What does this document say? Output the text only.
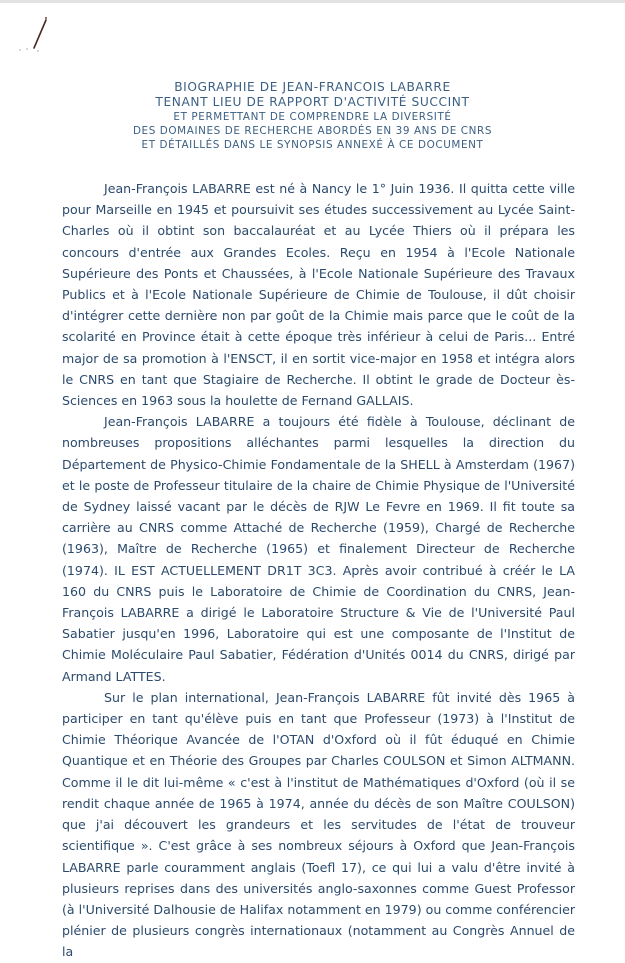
BIOGRAPHIE DE JEAN-FRANCOIS LABARRE
TENANT LIEU DE RAPPORT D'ACTIVITÉ SUCCINT
ET PERMETTANT DE COMPRENDRE LA DIVERSITÉ
DES DOMAINES DE RECHERCHE ABORDÉS EN 39 ANS DE CNRS
ET DÉTAILLÉS DANS LE SYNOPSIS ANNEXÉ À CE DOCUMENT

Jean-François LABARRE est né à Nancy le 1° Juin 1936. Il quitta cette ville pour Marseille en 1945 et poursuivit ses études successivement au Lycée Saint-Charles où il obtint son baccalauréat et au Lycée Thiers où il prépara les concours d'entrée aux Grandes Ecoles. Reçu en 1954 à l'Ecole Nationale Supérieure des Ponts et Chaussées, à l'Ecole Nationale Supérieure des Travaux Publics et à l'Ecole Nationale Supérieure de Chimie de Toulouse, il dût choisir d'intégrer cette dernière non par goût de la Chimie mais parce que le coût de la scolarité en Province était à cette époque très inférieur à celui de Paris... Entré major de sa promotion à l'ENSCT, il en sortit vice-major en 1958 et intégra alors le CNRS en tant que Stagiaire de Recherche. Il obtint le grade de Docteur ès-Sciences en 1963 sous la houlette de Fernand GALLAIS.

Jean-François LABARRE a toujours été fidèle à Toulouse, déclinant de nombreuses propositions alléchantes parmi lesquelles la direction du Département de Physico-Chimie Fondamentale de la SHELL à Amsterdam (1967) et le poste de Professeur titulaire de la chaire de Chimie Physique de l'Université de Sydney laissé vacant par le décès de RJW Le Fevre en 1969. Il fit toute sa carrière au CNRS comme Attaché de Recherche (1959), Chargé de Recherche (1963), Maître de Recherche (1965) et finalement Directeur de Recherche (1974). IL EST ACTUELLEMENT DR1T 3C3. Après avoir contribué à créér le LA 160 du CNRS puis le Laboratoire de Chimie de Coordination du CNRS, Jean-François LABARRE a dirigé le Laboratoire Structure & Vie de l'Université Paul Sabatier jusqu'en 1996, Laboratoire qui est une composante de l'Institut de Chimie Moléculaire Paul Sabatier, Fédération d'Unités 0014 du CNRS, dirigé par Armand LATTES.

Sur le plan international, Jean-François LABARRE fût invité dès 1965 à participer en tant qu'élève puis en tant que Professeur (1973) à l'Institut de Chimie Théorique Avancée de l'OTAN d'Oxford où il fût éduqué en Chimie Quantique et en Théorie des Groupes par Charles COULSON et Simon ALTMANN. Comme il le dit lui-même « c'est à l'institut de Mathématiques d'Oxford (où il se rendit chaque année de 1965 à 1974, année du décès de son Maître COULSON) que j'ai découvert les grandeurs et les servitudes de l'état de trouveur scientifique ». C'est grâce à ses nombreux séjours à Oxford que Jean-François LABARRE parle couramment anglais (Toefl 17), ce qui lui a valu d'être invité à plusieurs reprises dans des universités anglo-saxonnes comme Guest Professor (à l'Université Dalhousie de Halifax notamment en 1979) ou comme conférencier plénier de plusieurs congrès internationaux (notamment au Congrès Annuel de la
